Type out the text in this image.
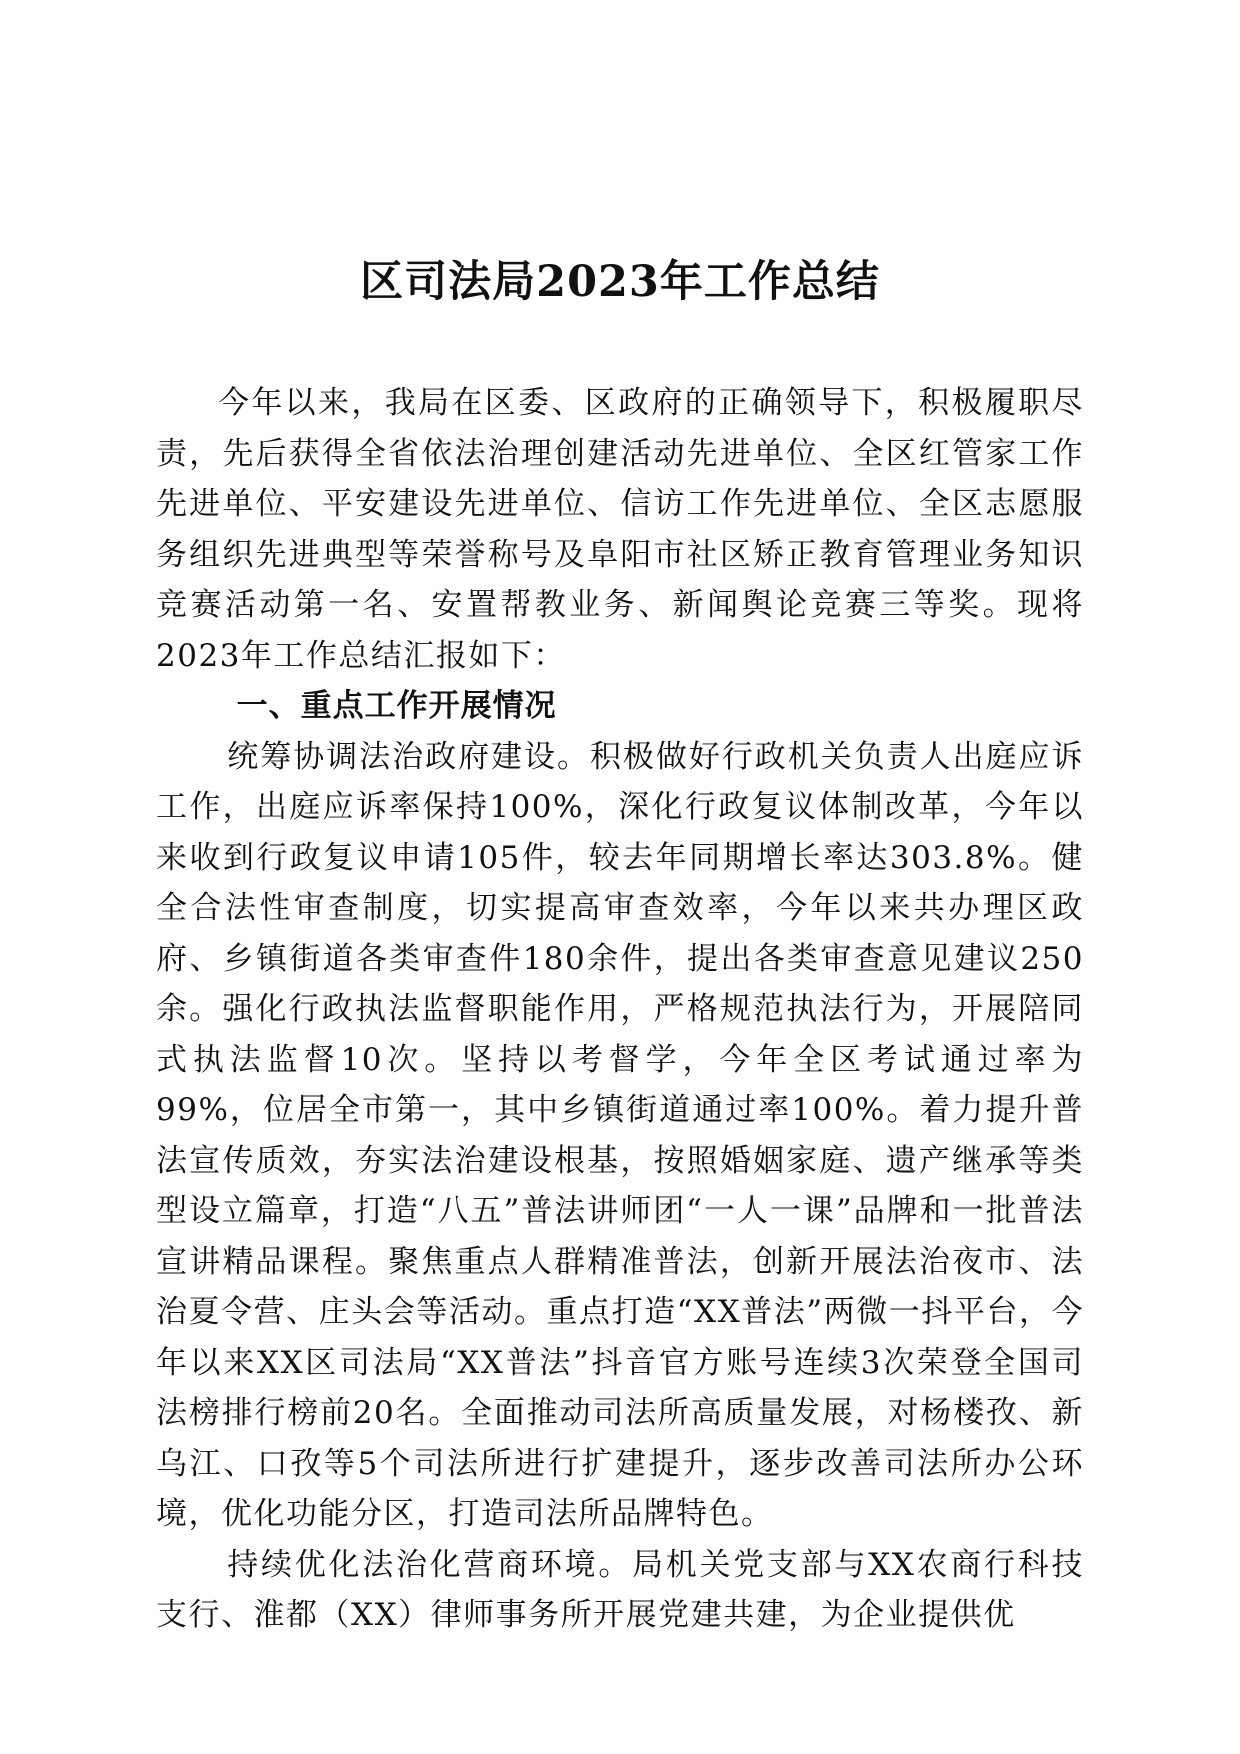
区司法局2023年工作总结

今年以来，我局在区委、区政府的正确领导下，积极履职尽责，先后获得全省依法治理创建活动先进单位、全区红管家工作先进单位、平安建设先进单位、信访工作先进单位、全区志愿服务组织先进典型等荣誉称号及阜阳市社区矫正教育管理业务知识竞赛活动第一名、安置帮教业务、新闻舆论竞赛三等奖。现将2023年工作总结汇报如下：

一、重点工作开展情况

统筹协调法治政府建设。积极做好行政机关负责人出庭应诉工作，出庭应诉率保持100%，深化行政复议体制改革，今年以来收到行政复议申请105件，较去年同期增长率达303.8%。健全合法性审查制度，切实提高审查效率，今年以来共办理区政府、乡镇街道各类审查件180余件，提出各类审查意见建议250余。强化行政执法监督职能作用，严格规范执法行为，开展陪同式执法监督10次。坚持以考督学，今年全区考试通过率为99%，位居全市第一，其中乡镇街道通过率100%。着力提升普法宣传质效，夯实法治建设根基，按照婚姻家庭、遗产继承等类型设立篇章，打造“八五”普法讲师团“一人一课”品牌和一批普法宣讲精品课程。聚焦重点人群精准普法，创新开展法治夜市、法治夏令营、庄头会等活动。重点打造“XX普法”两微一抖平台，今年以来XX区司法局“XX普法”抖音官方账号连续3次荣登全国司法榜排行榜前20名。全面推动司法所高质量发展，对杨楼孜、新乌江、口孜等5个司法所进行扩建提升，逐步改善司法所办公环境，优化功能分区，打造司法所品牌特色。

持续优化法治化营商环境。局机关党支部与XX农商行科技支行、淮都（XX）律师事务所开展党建共建，为企业提供优
